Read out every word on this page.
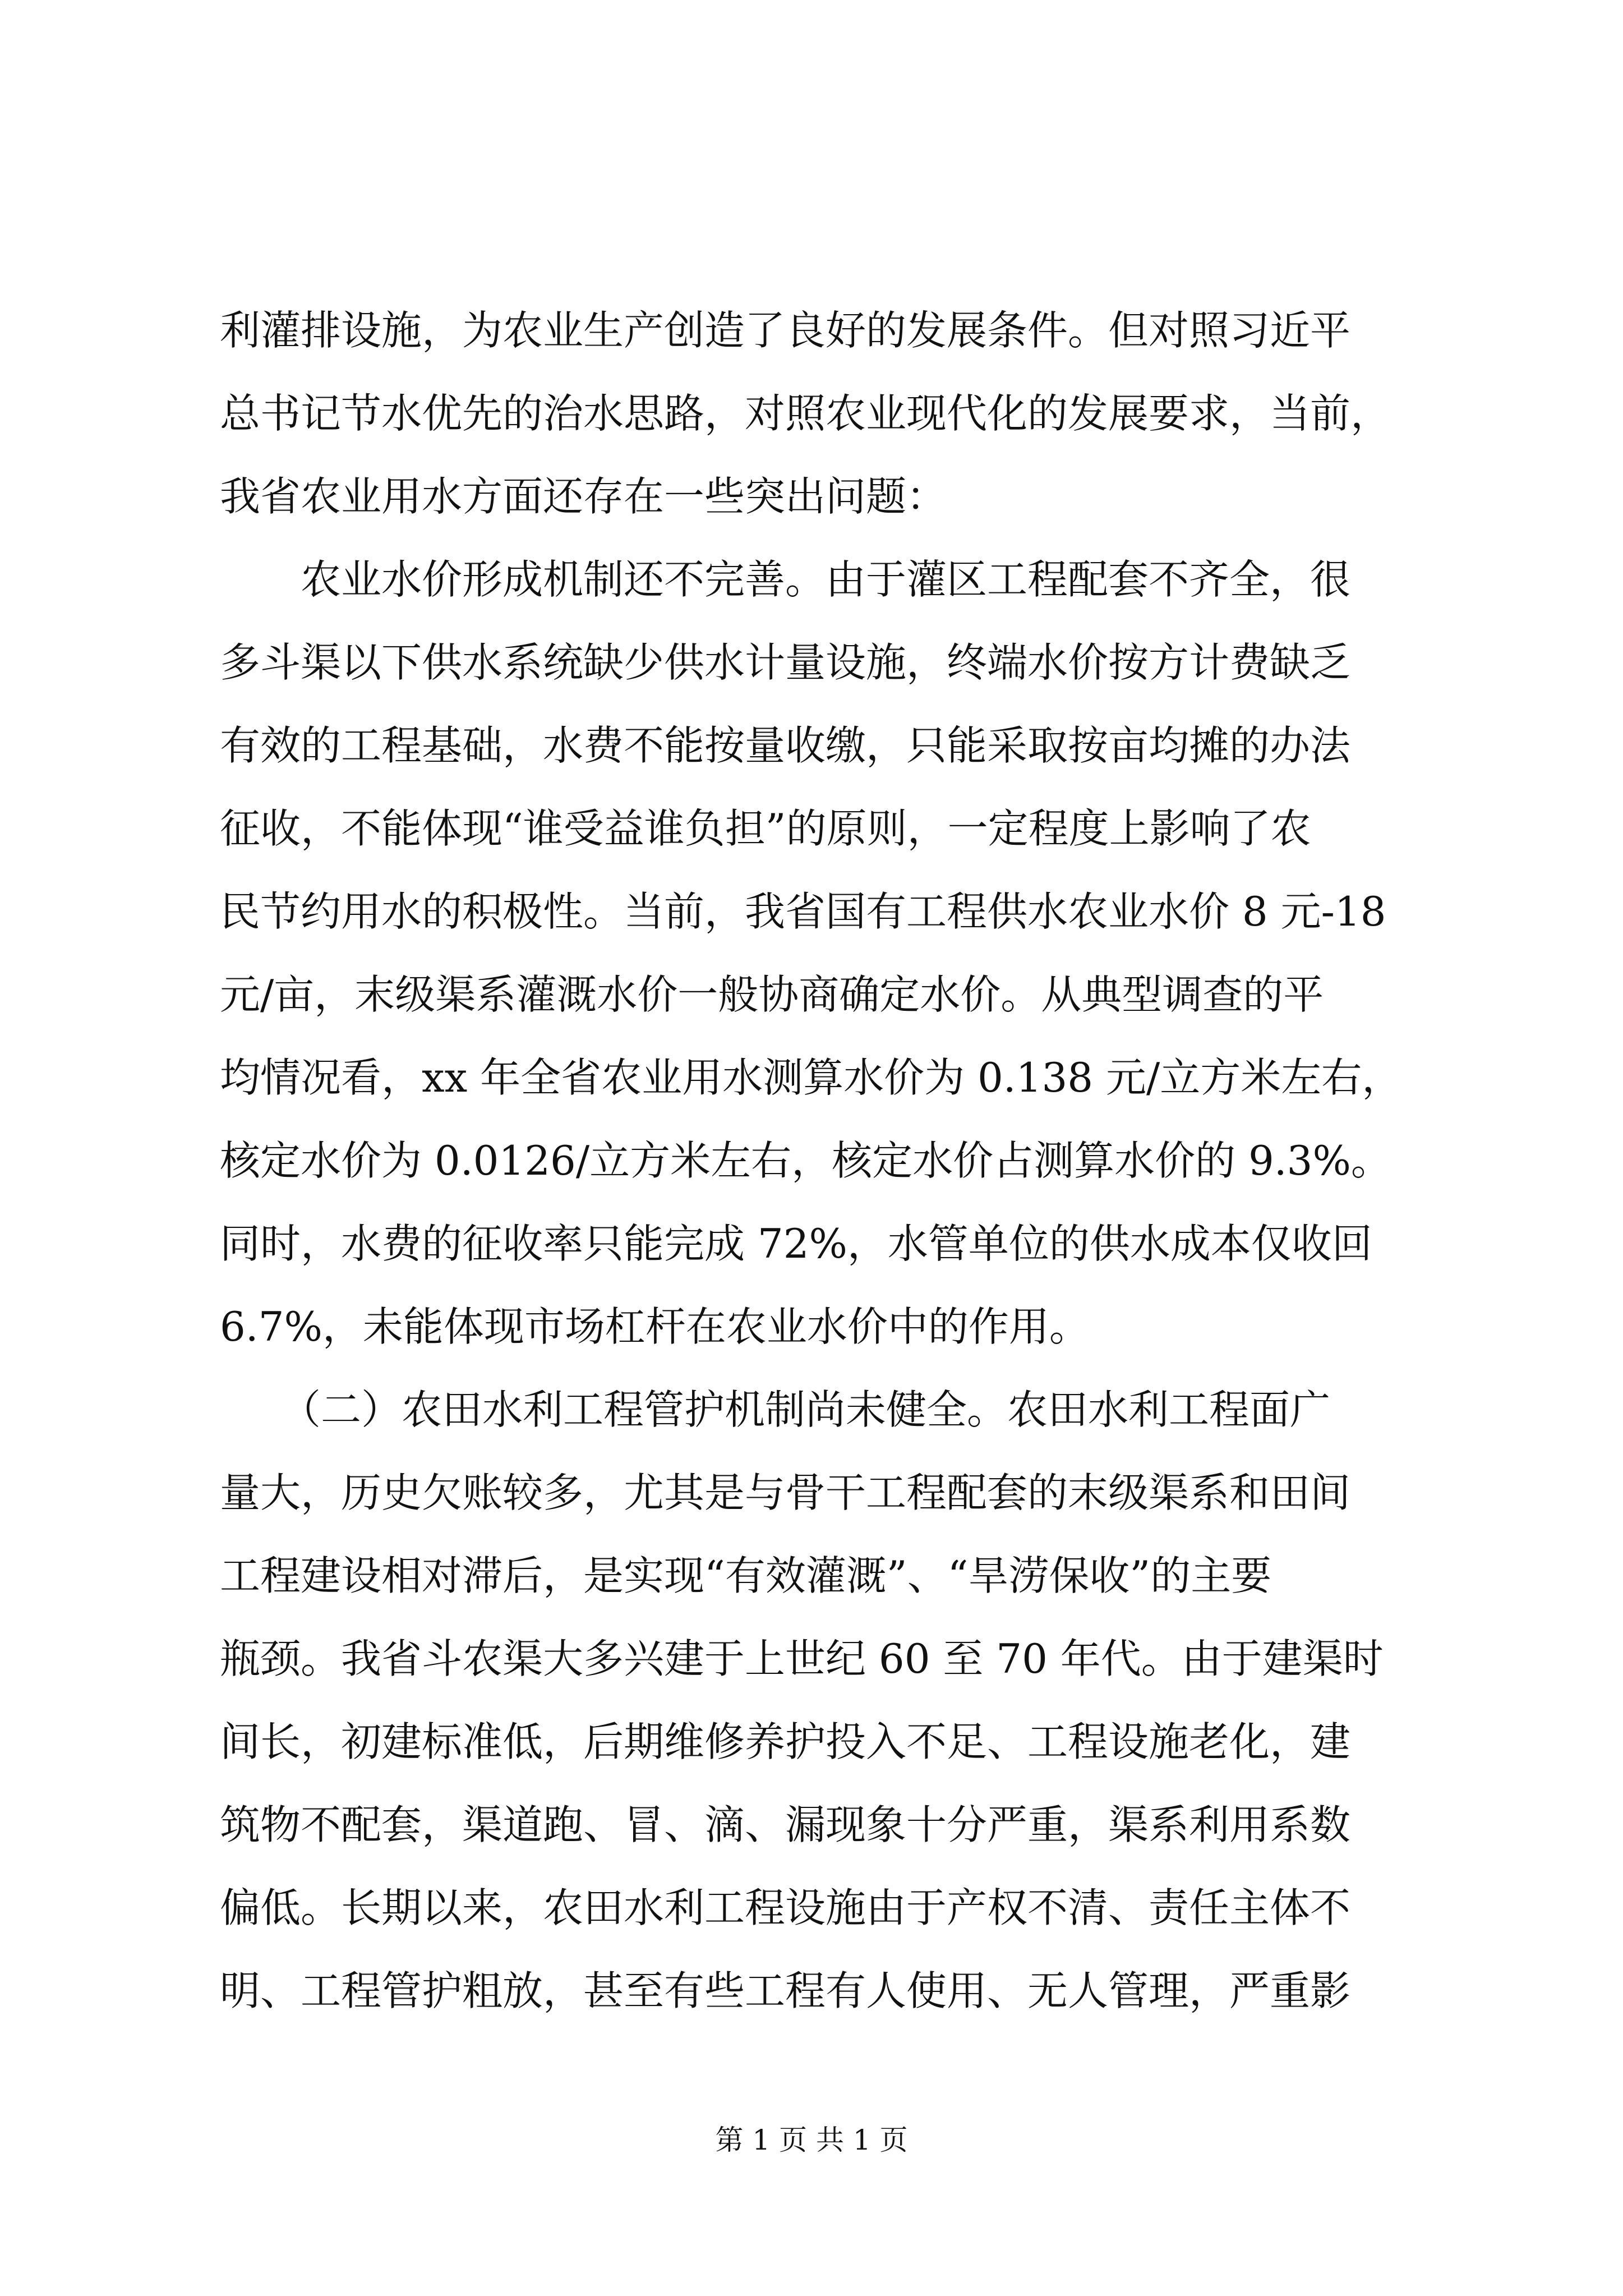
利灌排设施，为农业生产创造了良好的发展条件。但对照习近平
总书记节水优先的治水思路，对照农业现代化的发展要求，当前，
我省农业用水方面还存在一些突出问题：
　　农业水价形成机制还不完善。由于灌区工程配套不齐全，很
多斗渠以下供水系统缺少供水计量设施，终端水价按方计费缺乏
有效的工程基础，水费不能按量收缴，只能采取按亩均摊的办法
征收，不能体现“谁受益谁负担”的原则，一定程度上影响了农
民节约用水的积极性。当前，我省国有工程供水农业水价 8 元-18
元/亩，末级渠系灌溉水价一般协商确定水价。从典型调查的平
均情况看，xx 年全省农业用水测算水价为 0.138 元/立方米左右，
核定水价为 0.0126/立方米左右，核定水价占测算水价的 9.3%。
同时，水费的征收率只能完成 72%，水管单位的供水成本仅收回
6.7%，未能体现市场杠杆在农业水价中的作用。
　　（二）农田水利工程管护机制尚未健全。农田水利工程面广
量大，历史欠账较多，尤其是与骨干工程配套的末级渠系和田间
工程建设相对滞后，是实现“有效灌溉”、“旱涝保收”的主要
瓶颈。我省斗农渠大多兴建于上世纪 60 至 70 年代。由于建渠时
间长，初建标准低，后期维修养护投入不足、工程设施老化，建
筑物不配套，渠道跑、冒、滴、漏现象十分严重，渠系利用系数
偏低。长期以来，农田水利工程设施由于产权不清、责任主体不
明、工程管护粗放，甚至有些工程有人使用、无人管理，严重影
第 1 页 共 1 页
